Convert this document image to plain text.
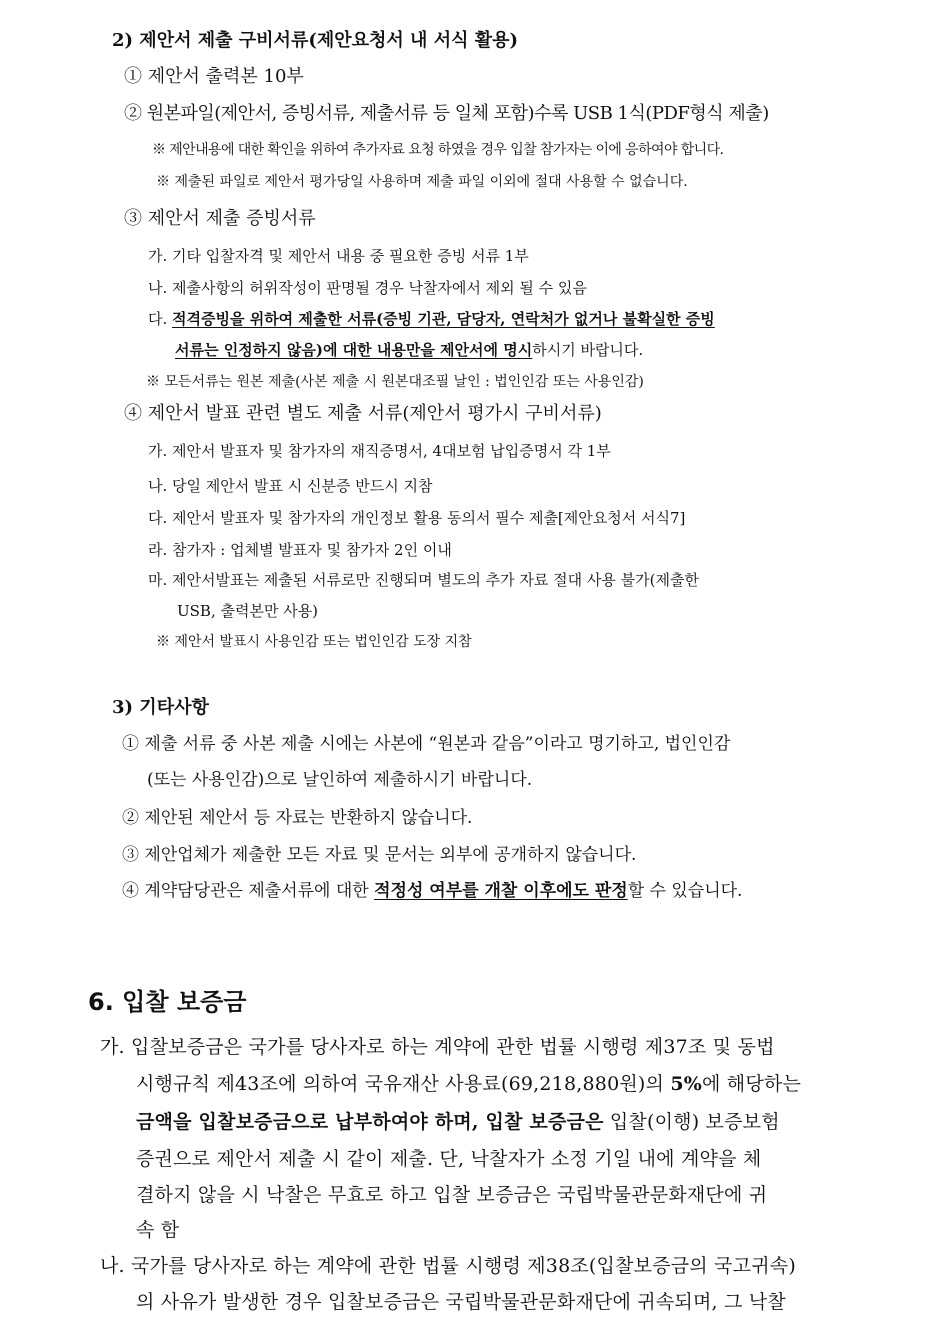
2) 제안서 제출 구비서류(제안요청서 내 서식 활용)
① 제안서 출력본 10부
② 원본파일(제안서, 증빙서류, 제출서류 등 일체 포함)수록 USB 1식(PDF형식 제출)
※ 제안내용에 대한 확인을 위하여 추가자료 요청 하였을 경우 입찰 참가자는 이에 응하여야 합니다.
※ 제출된 파일로 제안서 평가당일 사용하며 제출 파일 이외에 절대 사용할 수 없습니다.
③ 제안서 제출 증빙서류
가. 기타 입찰자격 및 제안서 내용 중 필요한 증빙 서류 1부
나. 제출사항의 허위작성이 판명될 경우 낙찰자에서 제외 될 수 있음
다. 적격증빙을 위하여 제출한 서류(증빙 기관, 담당자, 연락처가 없거나 불확실한 증빙
서류는 인정하지 않음)에 대한 내용만을 제안서에 명시하시기 바랍니다.
※ 모든서류는 원본 제출(사본 제출 시 원본대조필 날인 : 법인인감 또는 사용인감)
④ 제안서 발표 관련 별도 제출 서류(제안서 평가시 구비서류)
가. 제안서 발표자 및 참가자의 재직증명서, 4대보험 납입증명서 각 1부
나. 당일 제안서 발표 시 신분증 반드시 지참
다. 제안서 발표자 및 참가자의 개인정보 활용 동의서 필수 제출[제안요청서 서식7]
라. 참가자 : 업체별 발표자 및 참가자 2인 이내
마. 제안서발표는 제출된 서류로만 진행되며 별도의 추가 자료 절대 사용 불가(제출한
USB, 출력본만 사용)
※ 제안서 발표시 사용인감 또는 법인인감 도장 지참
3) 기타사항
① 제출 서류 중 사본 제출 시에는 사본에 “원본과 같음”이라고 명기하고, 법인인감
(또는 사용인감)으로 날인하여 제출하시기 바랍니다.
② 제안된 제안서 등 자료는 반환하지 않습니다.
③ 제안업체가 제출한 모든 자료 및 문서는 외부에 공개하지 않습니다.
④ 계약담당관은 제출서류에 대한 적정성 여부를 개찰 이후에도 판정할 수 있습니다.
6. 입찰 보증금
가. 입찰보증금은 국가를 당사자로 하는 계약에 관한 법률 시행령 제37조 및 동법
시행규칙 제43조에 의하여 국유재산 사용료(69,218,880원)의 5%에 해당하는
금액을 입찰보증금으로 납부하여야 하며, 입찰 보증금은 입찰(이행) 보증보험
증권으로 제안서 제출 시 같이 제출. 단, 낙찰자가 소정 기일 내에 계약을 체
결하지 않을 시 낙찰은 무효로 하고 입찰 보증금은 국립박물관문화재단에 귀
속 함
나. 국가를 당사자로 하는 계약에 관한 법률 시행령 제38조(입찰보증금의 국고귀속)
의 사유가 발생한 경우 입찰보증금은 국립박물관문화재단에 귀속되며, 그 낙찰
